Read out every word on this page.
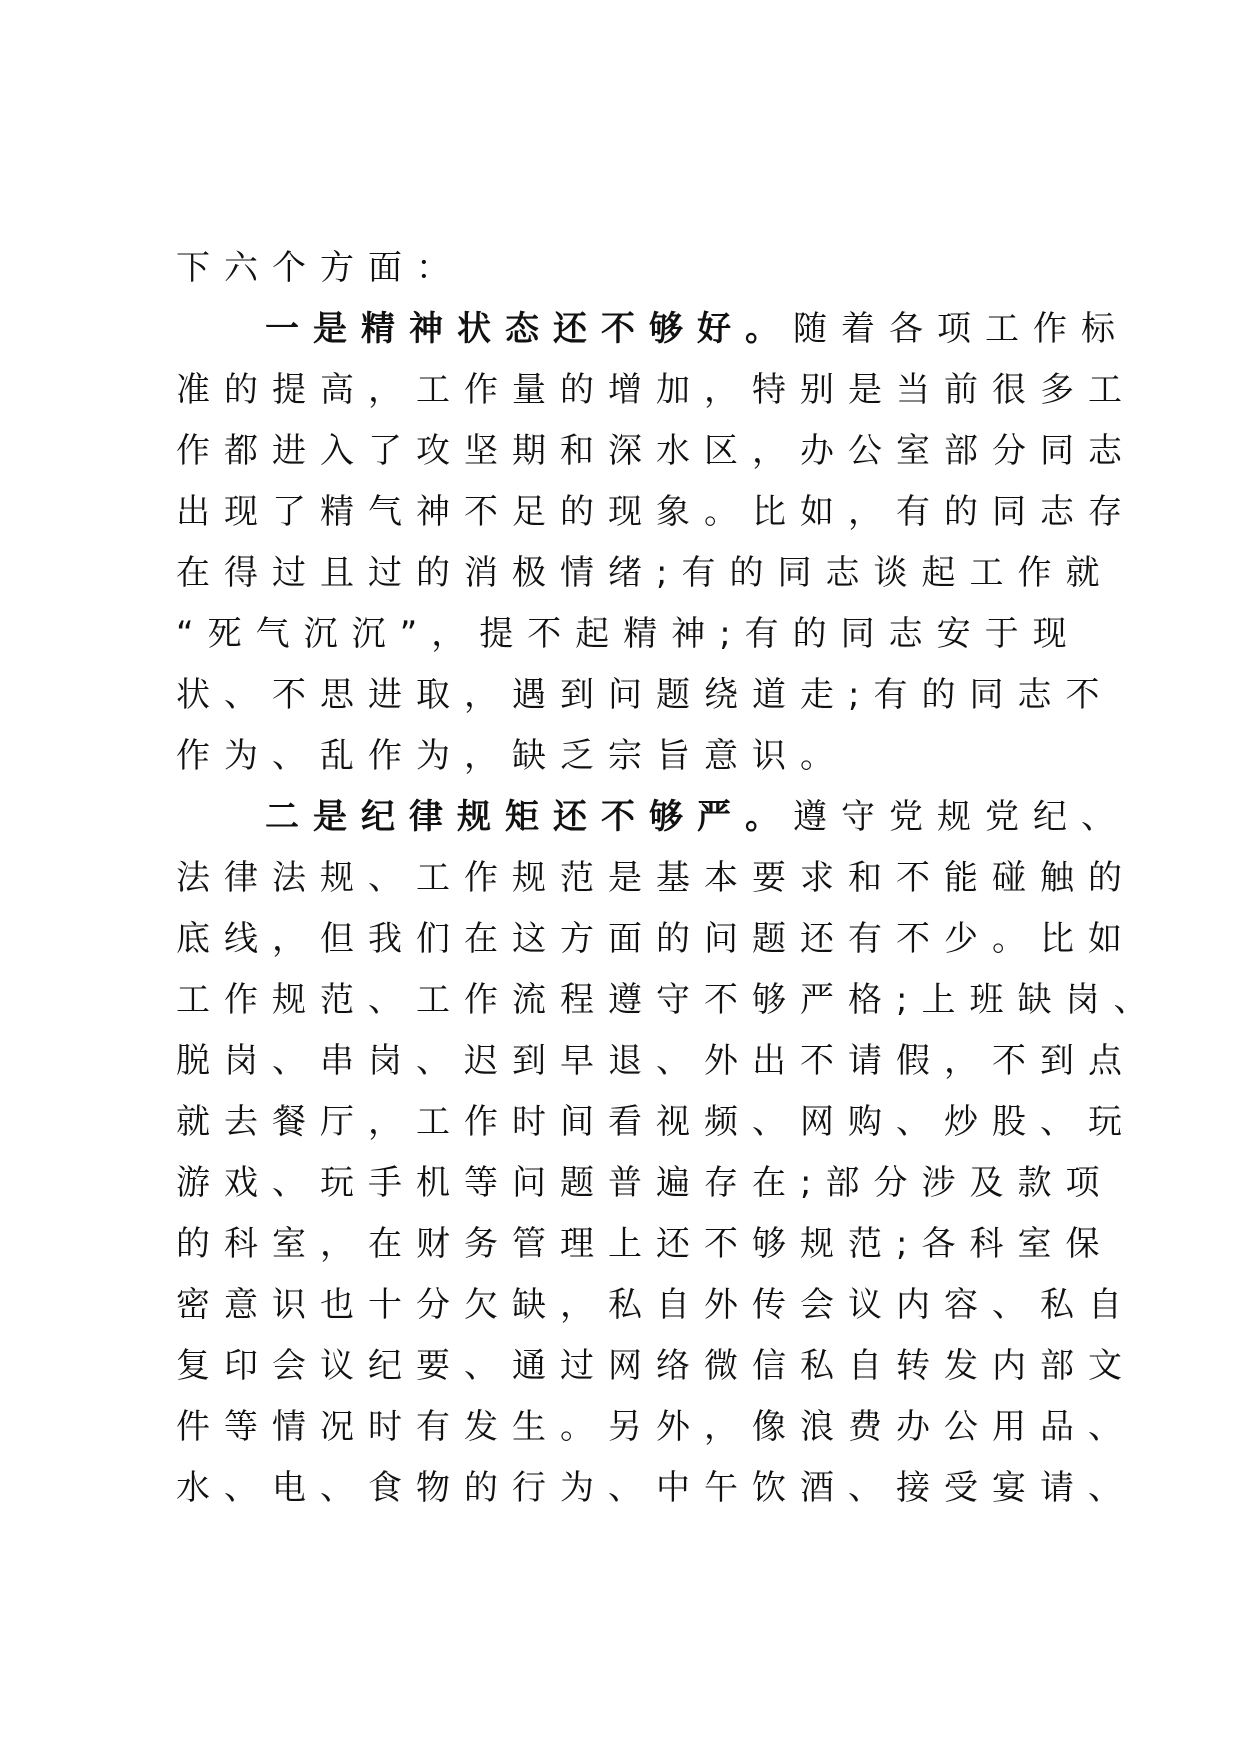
下六个方面：
一是精神状态还不够好。随着各项工作标
准的提高，工作量的增加，特别是当前很多工
作都进入了攻坚期和深水区，办公室部分同志
出现了精气神不足的现象。比如，有的同志存
在得过且过的消极情绪;有的同志谈起工作就
“死气沉沉”，提不起精神;有的同志安于现
状、不思进取，遇到问题绕道走;有的同志不
作为、乱作为，缺乏宗旨意识。
二是纪律规矩还不够严。遵守党规党纪、
法律法规、工作规范是基本要求和不能碰触的
底线，但我们在这方面的问题还有不少。比如
工作规范、工作流程遵守不够严格;上班缺岗、
脱岗、串岗、迟到早退、外出不请假，不到点
就去餐厅，工作时间看视频、网购、炒股、玩
游戏、玩手机等问题普遍存在;部分涉及款项
的科室，在财务管理上还不够规范;各科室保
密意识也十分欠缺，私自外传会议内容、私自
复印会议纪要、通过网络微信私自转发内部文
件等情况时有发生。另外，像浪费办公用品、
水、电、食物的行为、中午饮酒、接受宴请、
